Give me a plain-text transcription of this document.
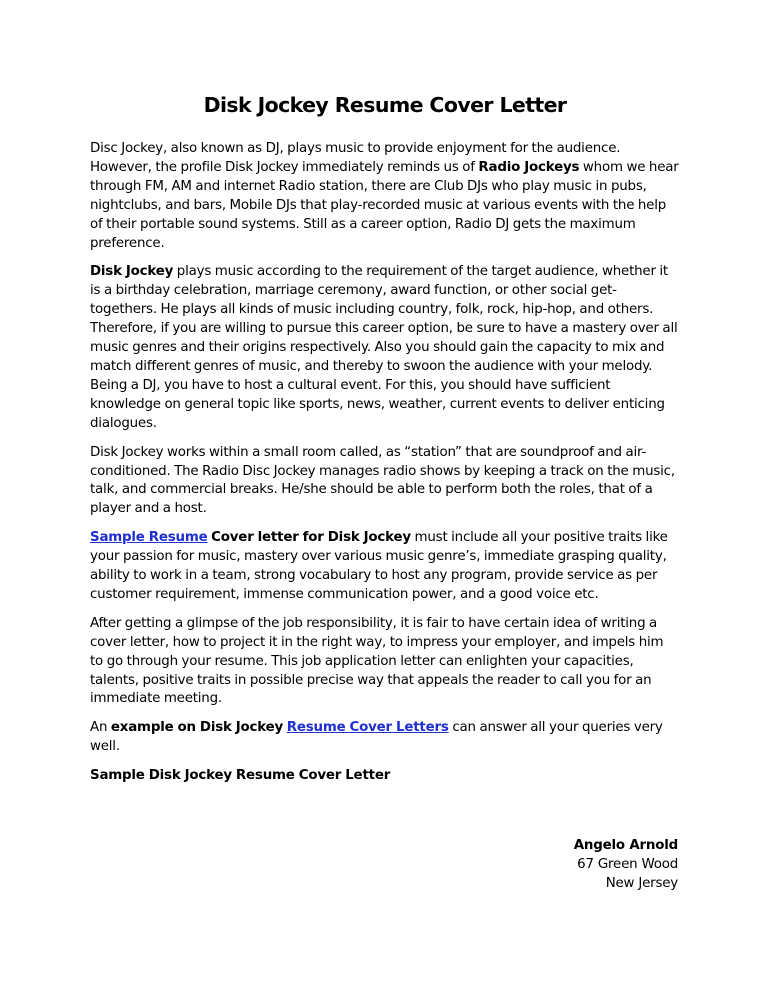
Disk Jockey Resume Cover Letter

Disc Jockey, also known as DJ, plays music to provide enjoyment for the audience. However, the profile Disk Jockey immediately reminds us of Radio Jockeys whom we hear through FM, AM and internet Radio station, there are Club DJs who play music in pubs, nightclubs, and bars, Mobile DJs that play-recorded music at various events with the help of their portable sound systems. Still as a career option, Radio DJ gets the maximum preference.

Disk Jockey plays music according to the requirement of the target audience, whether it is a birthday celebration, marriage ceremony, award function, or other social get-togethers. He plays all kinds of music including country, folk, rock, hip-hop, and others. Therefore, if you are willing to pursue this career option, be sure to have a mastery over all music genres and their origins respectively. Also you should gain the capacity to mix and match different genres of music, and thereby to swoon the audience with your melody. Being a DJ, you have to host a cultural event. For this, you should have sufficient knowledge on general topic like sports, news, weather, current events to deliver enticing dialogues.

Disk Jockey works within a small room called, as “station” that are soundproof and air-conditioned. The Radio Disc Jockey manages radio shows by keeping a track on the music, talk, and commercial breaks. He/she should be able to perform both the roles, that of a player and a host.

Sample Resume Cover letter for Disk Jockey must include all your positive traits like your passion for music, mastery over various music genre’s, immediate grasping quality, ability to work in a team, strong vocabulary to host any program, provide service as per customer requirement, immense communication power, and a good voice etc.

After getting a glimpse of the job responsibility, it is fair to have certain idea of writing a cover letter, how to project it in the right way, to impress your employer, and impels him to go through your resume. This job application letter can enlighten your capacities, talents, positive traits in possible precise way that appeals the reader to call you for an immediate meeting.

An example on Disk Jockey Resume Cover Letters can answer all your queries very well.

Sample Disk Jockey Resume Cover Letter

Angelo Arnold
67 Green Wood
New Jersey
